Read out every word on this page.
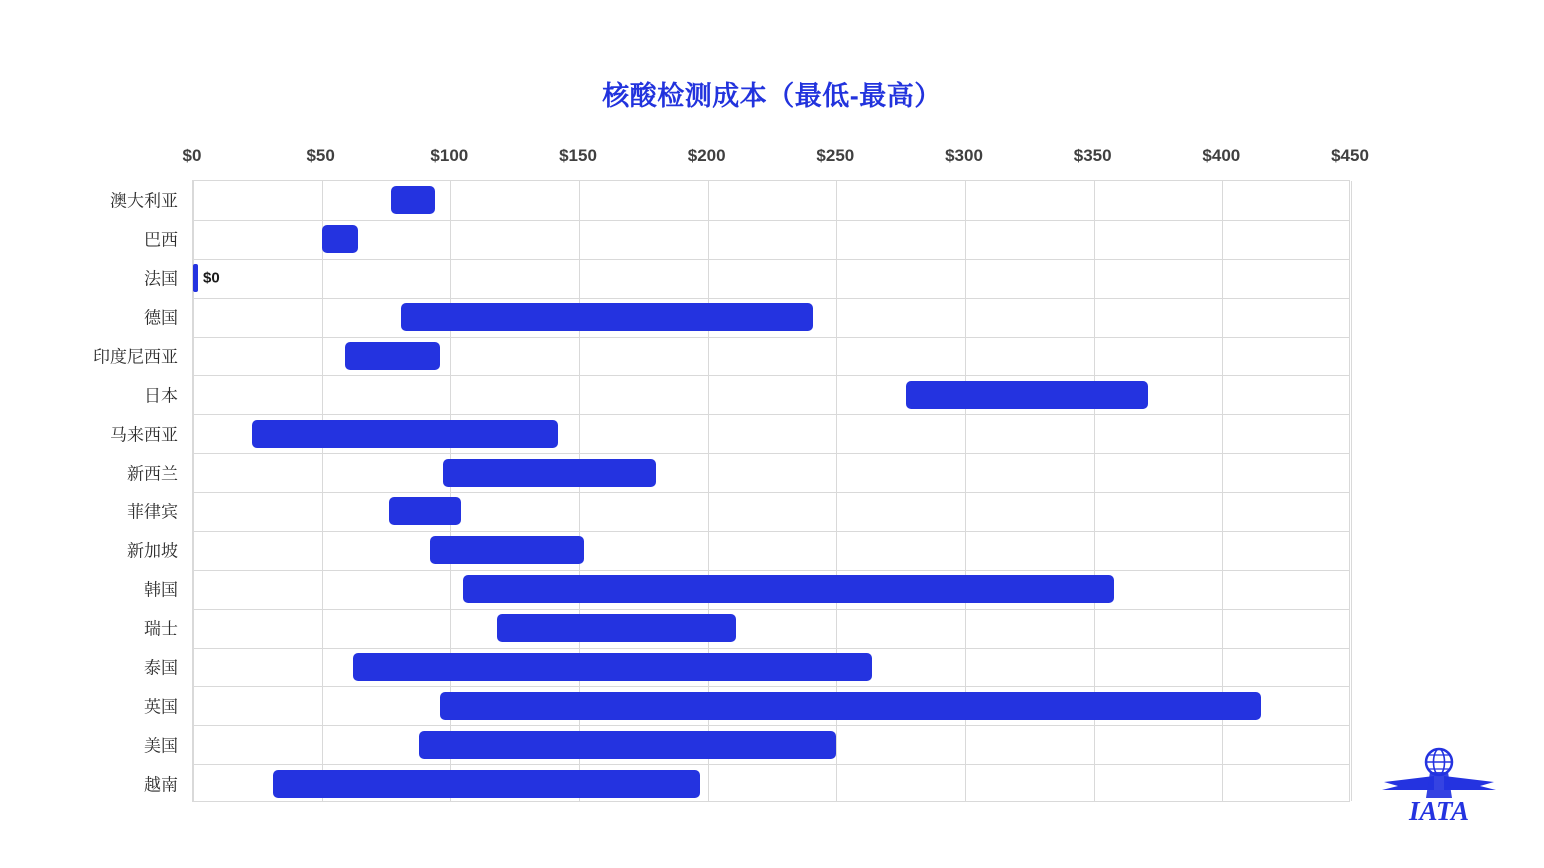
核酸检测成本（最低-最高）
$0	$50	$100	$150	$200	$250	$300	$350	$400	$450
澳大利亚
巴西
法国
德国
印度尼西亚
日本
马来西亚
新西兰
菲律宾
新加坡
韩国
瑞士
泰国
英国
美国
越南
$0
IATA
